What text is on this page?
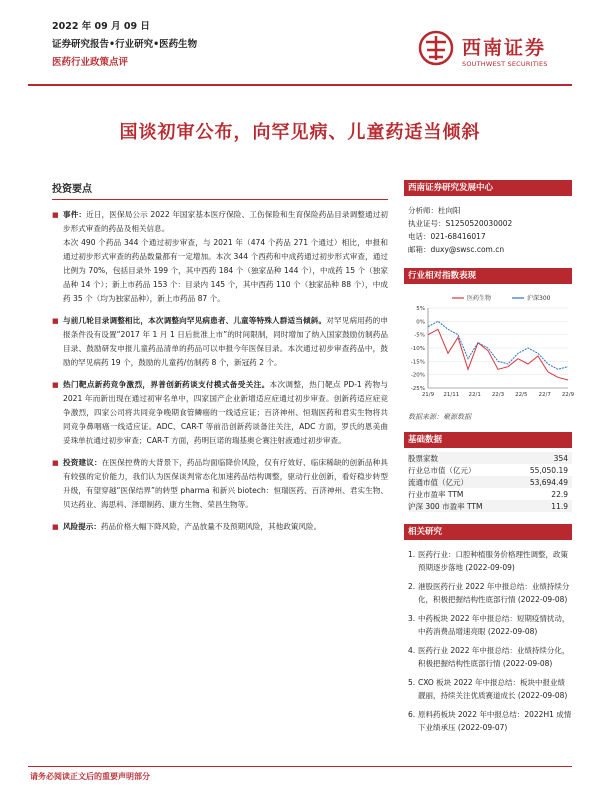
2022 年 09 月 09 日
证券研究报告•行业研究•医药生物
医药行业政策点评
西南证券
SOUTHWEST SECURITIES
国谈初审公布，向罕见病、儿童药适当倾斜
投资要点
■ 事件：近日，医保局公示 2022 年国家基本医疗保险、工伤保险和生育保险药品目录调整通过初步形式审查的药品及相关信息。
本次 490 个药品 344 个通过初步审查，与 2021 年（474 个药品 271 个通过）相比，申报和通过初步形式审查的药品数量都有一定增加。本次 344 个西药和中成药通过初步形式审查，通过比例为 70%，包括目录外 199 个，其中西药 184 个（独家品种 144 个），中成药 15 个（独家品种 14 个）；新上市药品 153 个：目录内 145 个，其中西药 110 个（独家品种 88 个），中成药 35 个（均为独家品种），新上市药品 87 个。
■ 与前几轮目录调整相比，本次调整向罕见病患者、儿童等特殊人群适当倾斜。对罕见病用药的申报条件没有设置“2017 年 1 月 1 日后批准上市”的时间限制，同时增加了纳入国家鼓励仿制药品目录、鼓励研发申报儿童药品清单的药品可以申报今年医保目录。本次通过初步审查药品中，鼓励的罕见病药 19 个，鼓励的儿童药/仿制药 8 个，新冠药 2 个。
■ 热门靶点新药竞争激烈，界普创新药谈支付模式备受关注。本次调整，热门靶点 PD-1 药物与 2021 年而新出现在通过初审名单中，四家国产企业新增适应症通过初步审查。创新药适应症竞争激烈，四家公司将共同竞争晚期食管鳞癌的一线适应证；百济神州、恒瑞医药和君实生物将共同竞争鼻咽癌一线适应证。ADC、CAR-T 等前沿创新药谈备注关注，ADC 方面，罗氏的恩美曲妥珠单抗通过初步审查；CAR-T 方面，药明巨诺的瑞基奥仑赛注射液通过初步审查。
■ 投资建议：在医保控费的大背景下，药品均面临降价风险，仅有疗效好、临床稀缺的创新品种具有较强的定价能力，我们认为医保谈判常态化加速药品结构调整，驱动行业创新，看好稳步转型升级，有望穿越“医保结界”的转型 pharma 和新兴 biotech：恒瑞医药、百济神州、君实生物、贝达药业、海思科、泽璟制药、康方生物、荣昌生物等。
■ 风险提示：药品价格大幅下降风险，产品放量不及预期风险，其他政策风险。
西南证券研究发展中心
分析师：杜向阳
执业证号：S1250520030002
电话：021-68416017
邮箱：duxy@swsc.com.cn
行业相对指数表现
5%
0%
-5%
-10%
-15%
-20%
-25%
21/9 21/11 22/1 22/3 22/5 22/7 22/9
医药生物	沪深300
数据来源：聚源数据
基础数据
股票家数	354
行业总市值（亿元）	55,050.19
流通市值（亿元）	53,694.49
行业市盈率 TTM	22.9
沪深 300 市盈率 TTM	11.9
相关研究
1. 医药行业：口腔种植服务价格理性调整，政策预期逐步落地 (2022-09-09)
2. 港股医药行业 2022 年中报总结：业绩持续分化，积极把握结构性底部行情 (2022-09-08)
3. 中药板块 2022 年中报总结：短期疫情扰动，中药消费品增速亮眼 (2022-09-08)
4. 医药行业 2022 年中报总结：业绩持续分化，积极把握结构性底部行情 (2022-09-08)
5. CXO 板块 2022 年中报总结：板块中报业绩靓丽，持续关注优质赛道成长 (2022-09-08)
6. 原料药板块 2022 年中报总结：2022H1 成情下业绩承压 (2022-09-07)
请务必阅读正文后的重要声明部分
